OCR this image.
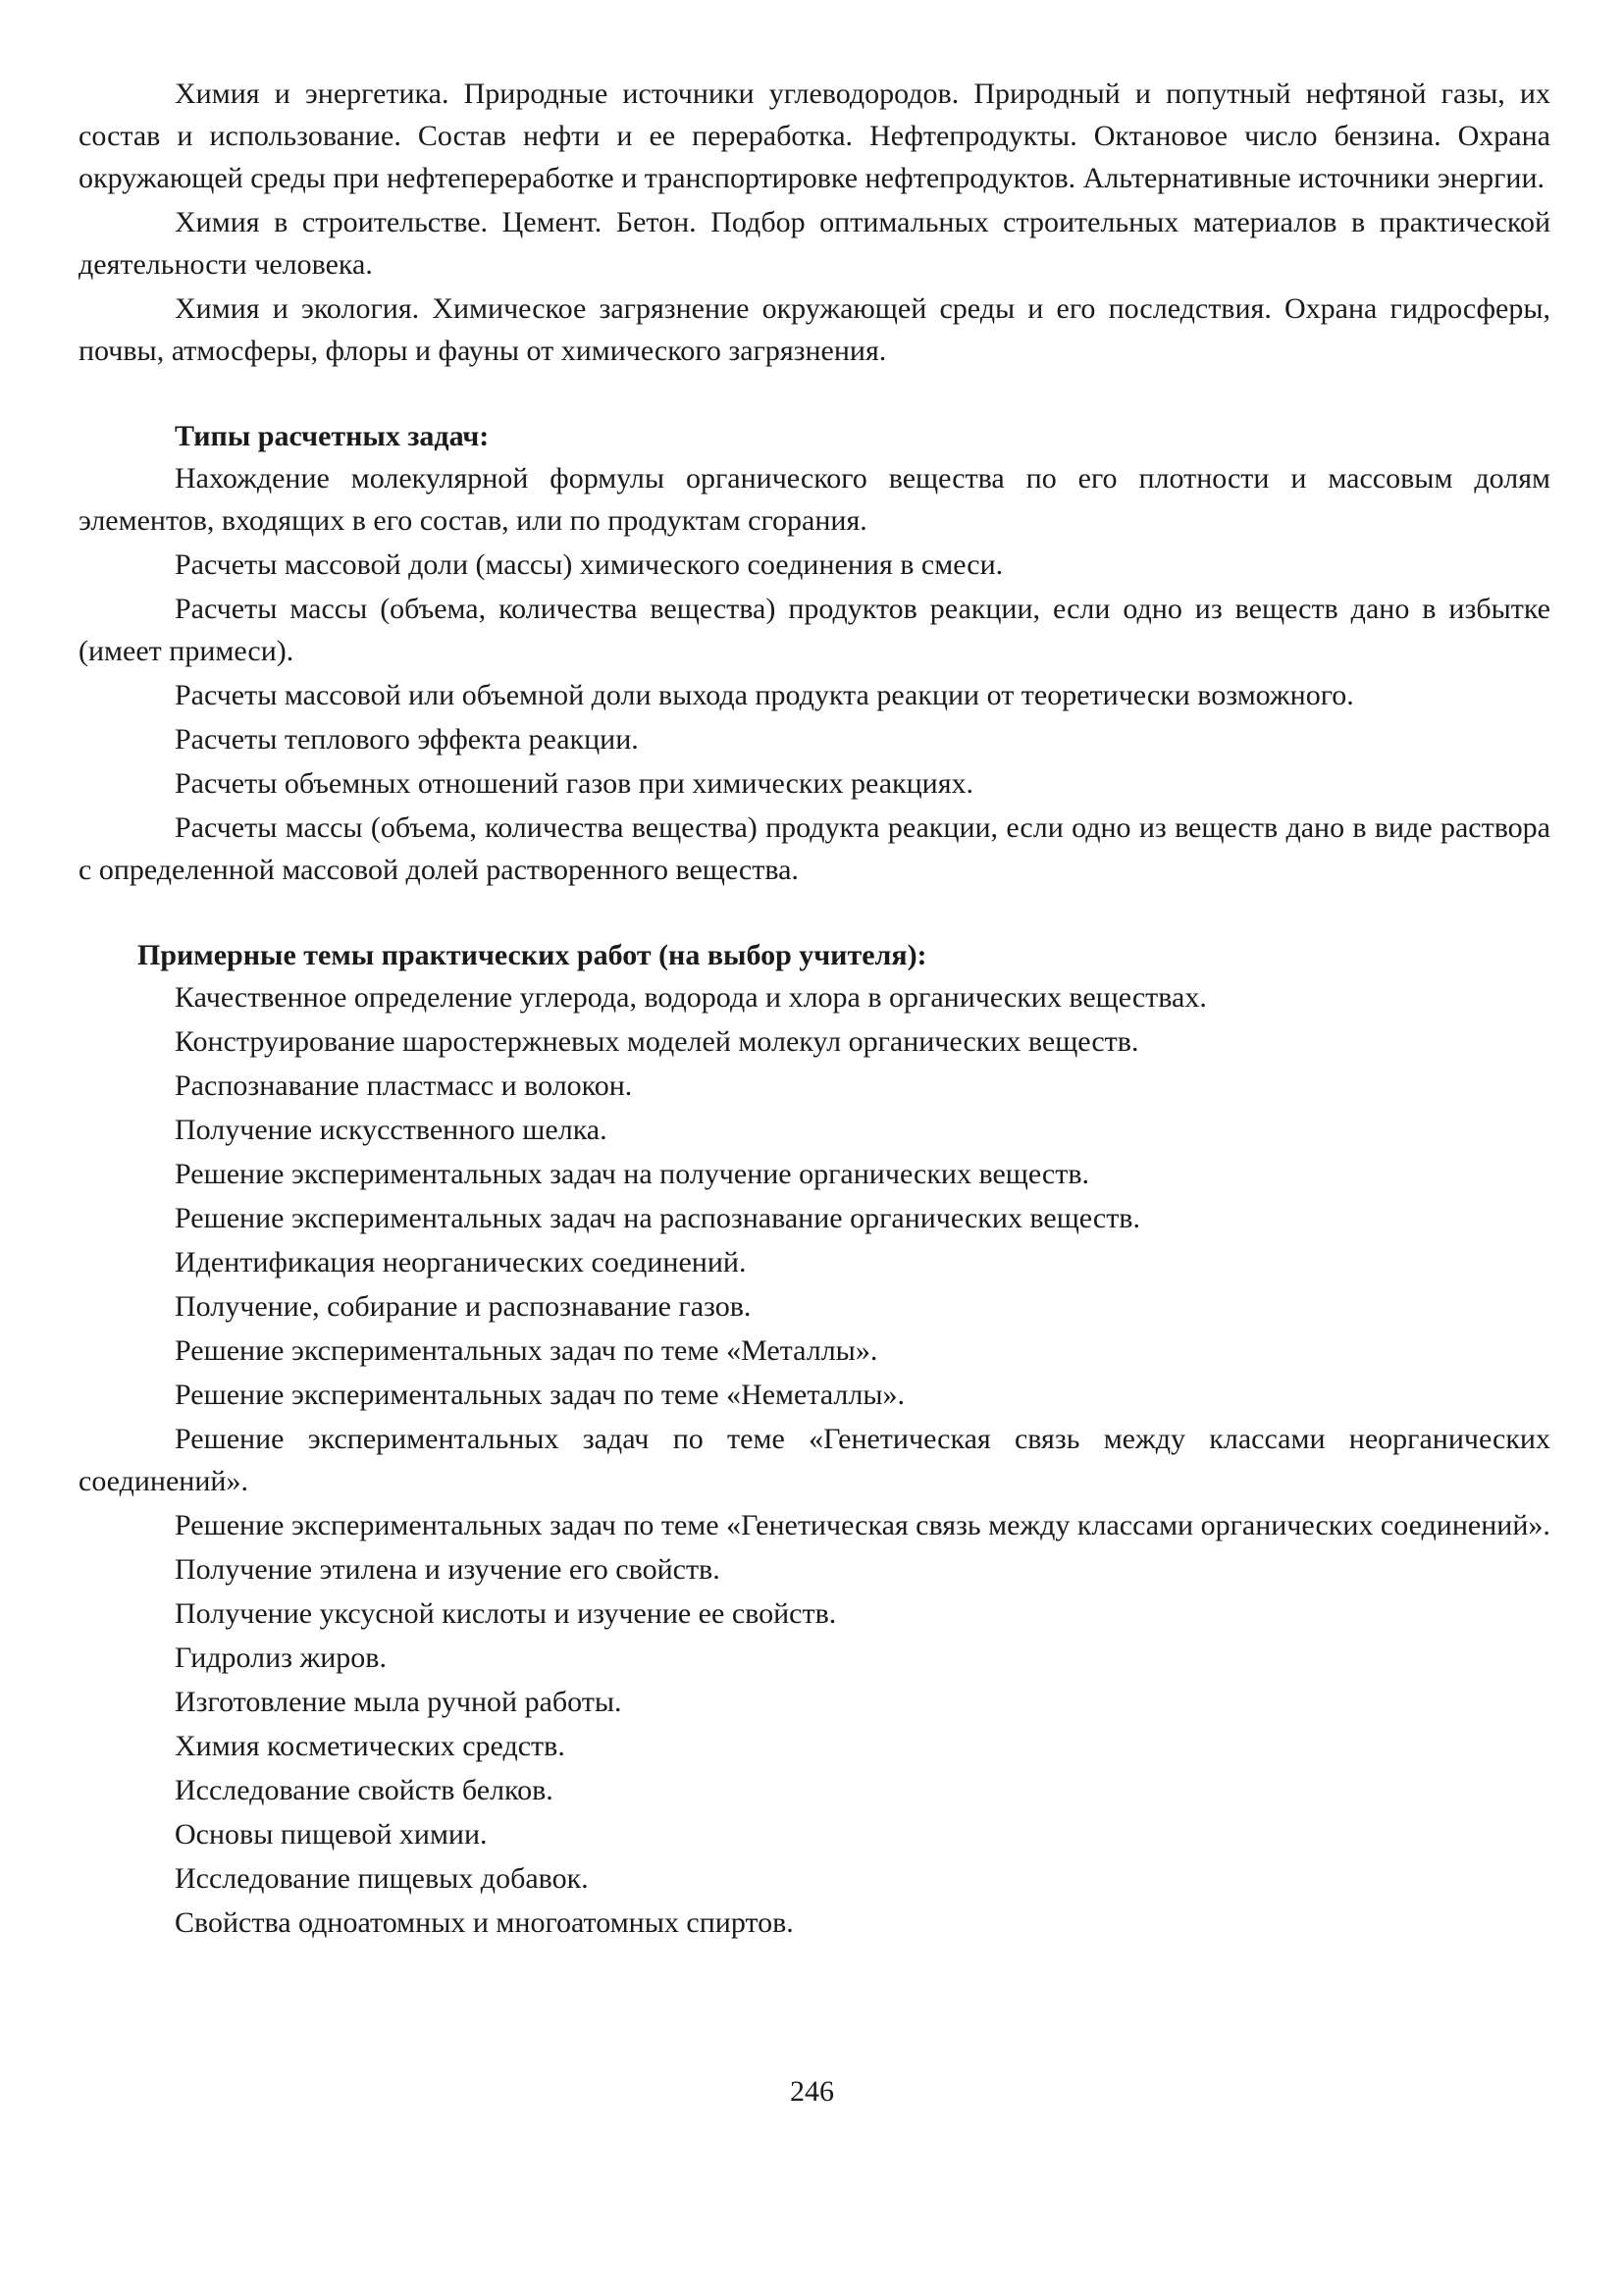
Химия и энергетика. Природные источники углеводородов. Природный и попутный нефтяной газы, их состав и использование. Состав нефти и ее переработка. Нефтепродукты. Октановое число бензина. Охрана окружающей среды при нефтепереработке и транспортировке нефтепродуктов. Альтернативные источники энергии.

Химия в строительстве. Цемент. Бетон. Подбор оптимальных строительных материалов в практической деятельности человека.

Химия и экология. Химическое загрязнение окружающей среды и его последствия. Охрана гидросферы, почвы, атмосферы, флоры и фауны от химического загрязнения.

Типы расчетных задач:

Нахождение молекулярной формулы органического вещества по его плотности и массовым долям элементов, входящих в его состав, или по продуктам сгорания.

Расчеты массовой доли (массы) химического соединения в смеси.

Расчеты массы (объема, количества вещества) продуктов реакции, если одно из веществ дано в избытке (имеет примеси).

Расчеты массовой или объемной доли выхода продукта реакции от теоретически возможного.

Расчеты теплового эффекта реакции.

Расчеты объемных отношений газов при химических реакциях.

Расчеты массы (объема, количества вещества) продукта реакции, если одно из веществ дано в виде раствора с определенной массовой долей растворенного вещества.

Примерные темы практических работ (на выбор учителя):

Качественное определение углерода, водорода и хлора в органических веществах.

Конструирование шаростержневых моделей молекул органических веществ.

Распознавание пластмасс и волокон.

Получение искусственного шелка.

Решение экспериментальных задач на получение органических веществ.

Решение экспериментальных задач на распознавание органических веществ.

Идентификация неорганических соединений.

Получение, собирание и распознавание газов.

Решение экспериментальных задач по теме «Металлы».

Решение экспериментальных задач по теме «Неметаллы».

Решение экспериментальных задач по теме «Генетическая связь между классами неорганических соединений».

Решение экспериментальных задач по теме «Генетическая связь между классами органических соединений».

Получение этилена и изучение его свойств.

Получение уксусной кислоты и изучение ее свойств.

Гидролиз жиров.

Изготовление мыла ручной работы.

Химия косметических средств.

Исследование свойств белков.

Основы пищевой химии.

Исследование пищевых добавок.

Свойства одноатомных и многоатомных спиртов.

246
